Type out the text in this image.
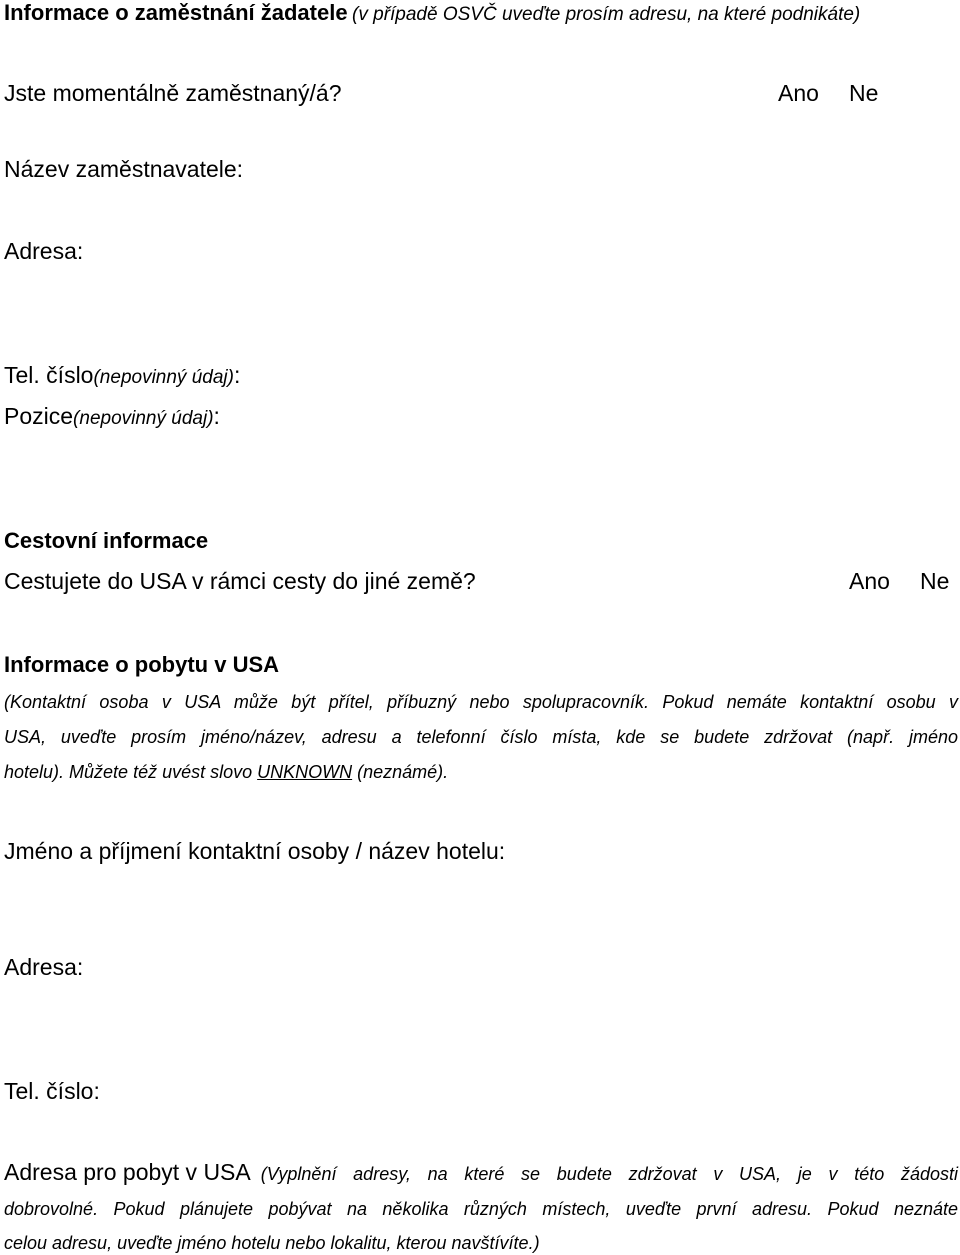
Informace o zaměstnání žadatele (v případě OSVČ uveďte prosím adresu, na které podnikáte)
Jste momentálně zaměstnaný/á?	Ano Ne
Název zaměstnavatele:
Adresa:
Tel. číslo(nepovinný údaj):
Pozice(nepovinný údaj):
Cestovní informace
Cestujete do USA v rámci cesty do jiné země?	Ano Ne
Informace o pobytu v USA
(Kontaktní osoba v USA může být přítel, příbuzný nebo spolupracovník. Pokud nemáte kontaktní osobu v
USA, uveďte prosím jméno/název, adresu a telefonní číslo místa, kde se budete zdržovat (např. jméno
hotelu). Můžete též uvést slovo UNKNOWN (neznámé).
Jméno a příjmení kontaktní osoby / název hotelu:
Adresa:
Tel. číslo:
Adresa pro pobyt v USA (Vyplnění adresy, na které se budete zdržovat v USA, je v této žádosti
dobrovolné. Pokud plánujete pobývat na několika různých místech, uveďte první adresu. Pokud neznáte
celou adresu, uveďte jméno hotelu nebo lokalitu, kterou navštívíte.)
